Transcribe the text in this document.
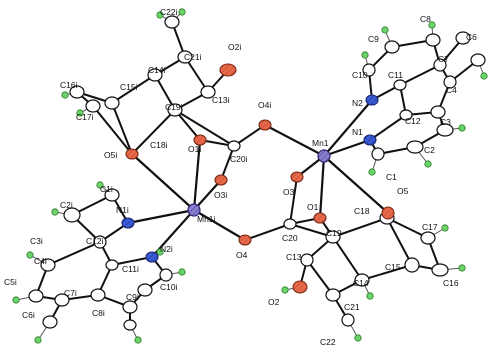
Mn1
Mn1i
N1
N2
N1i
N2i
O1
O3
O4
O5
O2
O1i
O2i
O3i
O4i
O5i
C1
C2
C3
C4
C7
C8
C9
C10 C11
C12
C13
C14
C15
C16
C17
C18
C19
C20
C21
C22
C6
C1i
C2i
C3i
C4i
C5i
C6i
C7i
C8i
C9i
C10i
C11i
C12i
C13i
C14i
C15i
C16i
C17i
C18i
C19i
C20i
C21i
C22i
